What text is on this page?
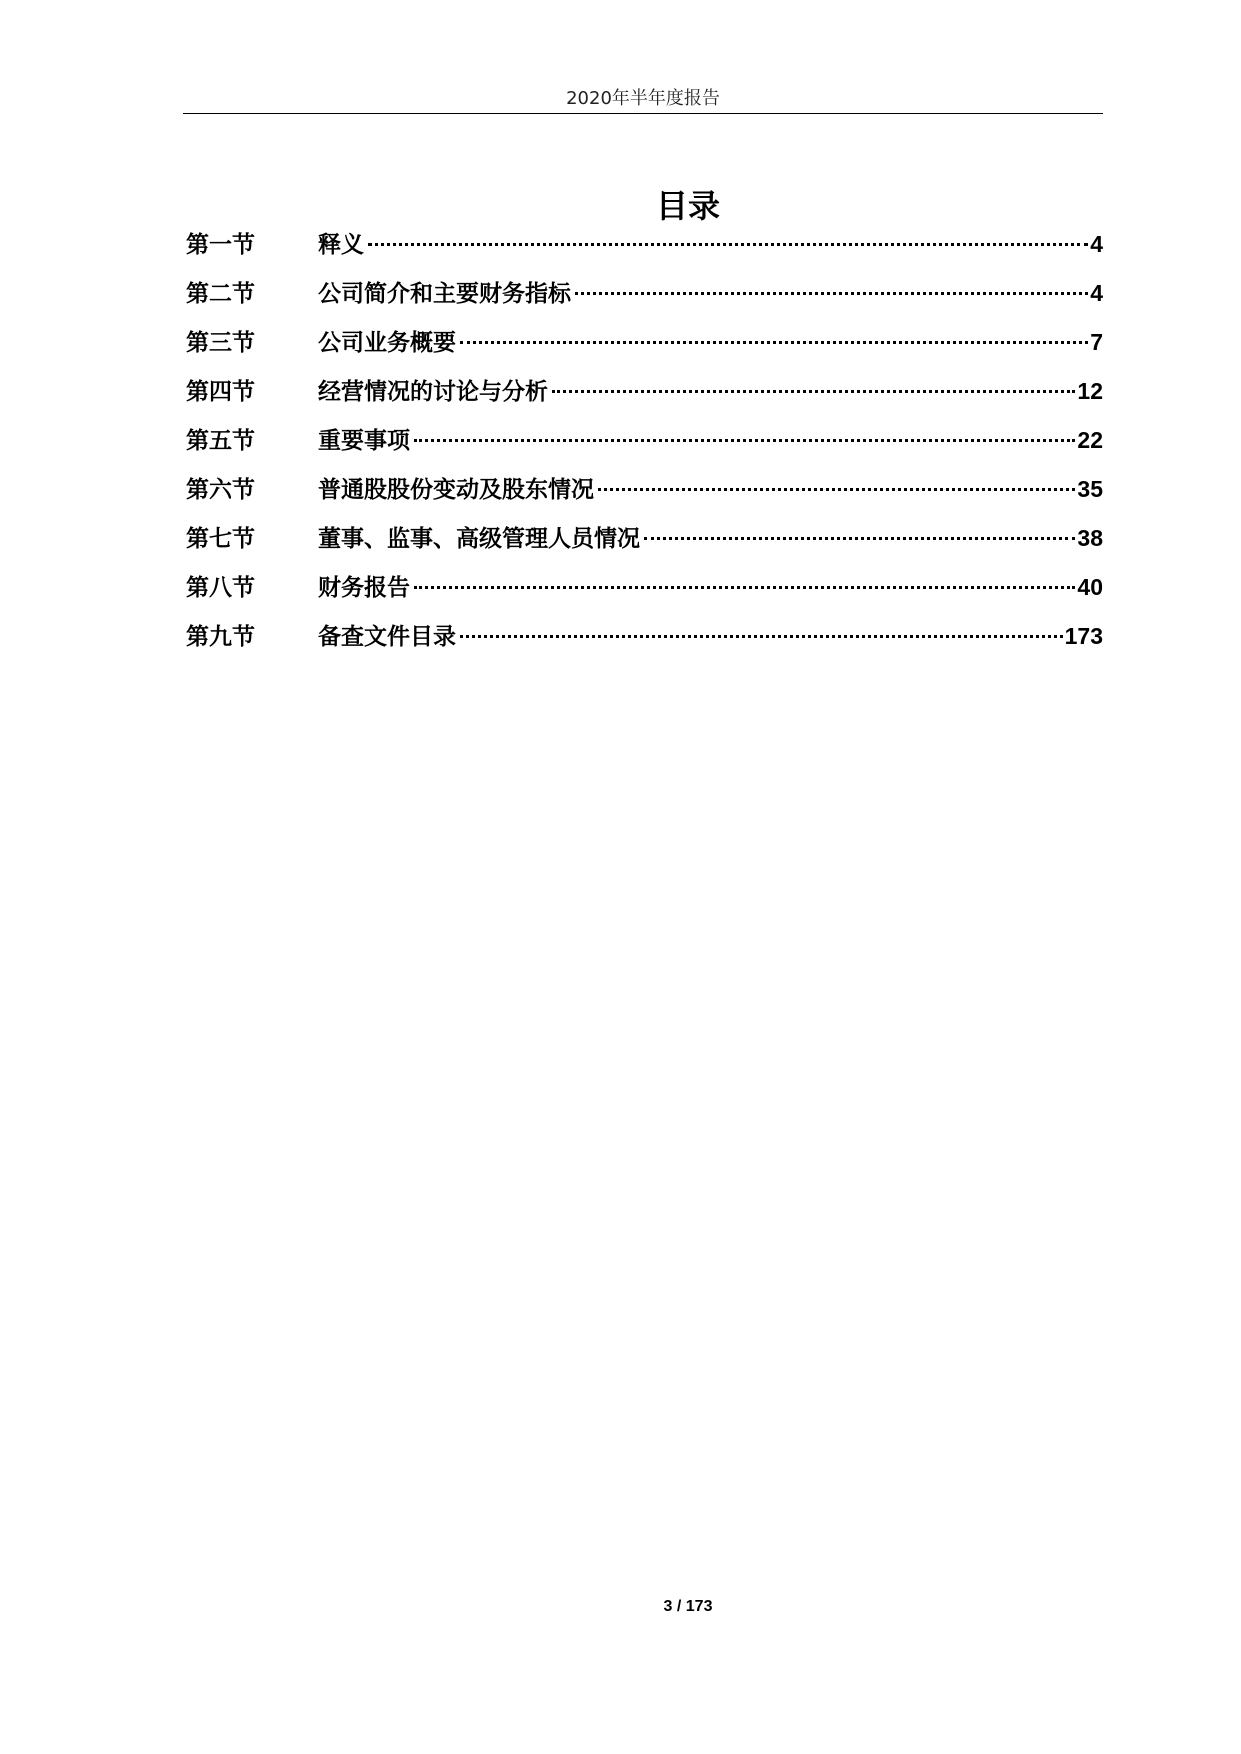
2020年半年度报告
目录
第一节	释义	4
第二节	公司简介和主要财务指标	4
第三节	公司业务概要	7
第四节	经营情况的讨论与分析	12
第五节	重要事项	22
第六节	普通股股份变动及股东情况	35
第七节	董事、监事、高级管理人员情况	38
第八节	财务报告	40
第九节	备查文件目录	173
3 / 173
